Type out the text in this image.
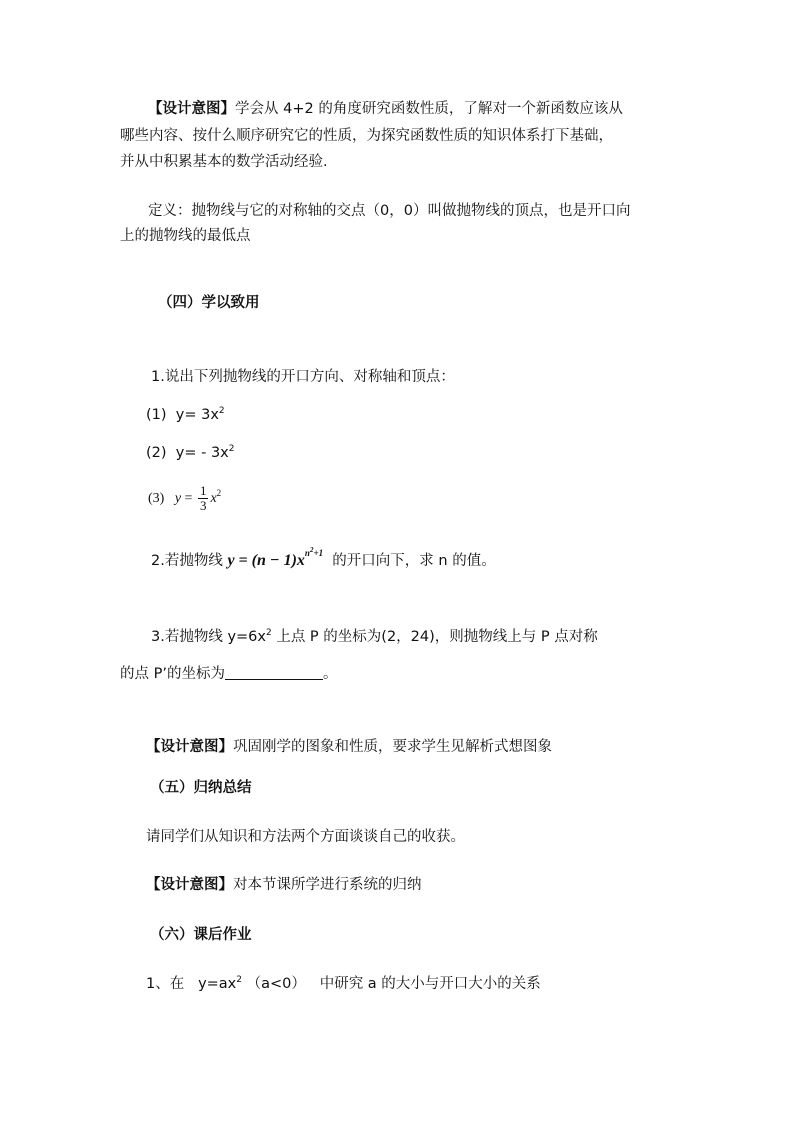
【设计意图】学会从 4+2 的角度研究函数性质，了解对一个新函数应该从
哪些内容、按什么顺序研究它的性质，为探究函数性质的知识体系打下基础，
并从中积累基本的数学活动经验.
定义：抛物线与它的对称轴的交点（0，0）叫做抛物线的顶点，也是开口向
上的抛物线的最低点
（四）学以致用
1.说出下列抛物线的开口方向、对称轴和顶点：
(1) $y= 3x^2$
(2) $y= - 3x^2$
(3) $y = \frac{1}{3} x^2$
2.若抛物线 $y = (n - 1)x^{n^2+1}$ 的开口向下，求 n 的值。
3.若抛物线 $y=6x^2$ 上点 P 的坐标为(2，24)，则抛物线上与 P 点对称
的点 P’的坐标为	。
【设计意图】巩固刚学的图象和性质，要求学生见解析式想图象
（五）归纳总结
请同学们从知识和方法两个方面谈谈自己的收获。
【设计意图】对本节课所学进行系统的归纳
（六）课后作业
1、在 $y=ax^2$ （a<0） 中研究 a 的大小与开口大小的关系
